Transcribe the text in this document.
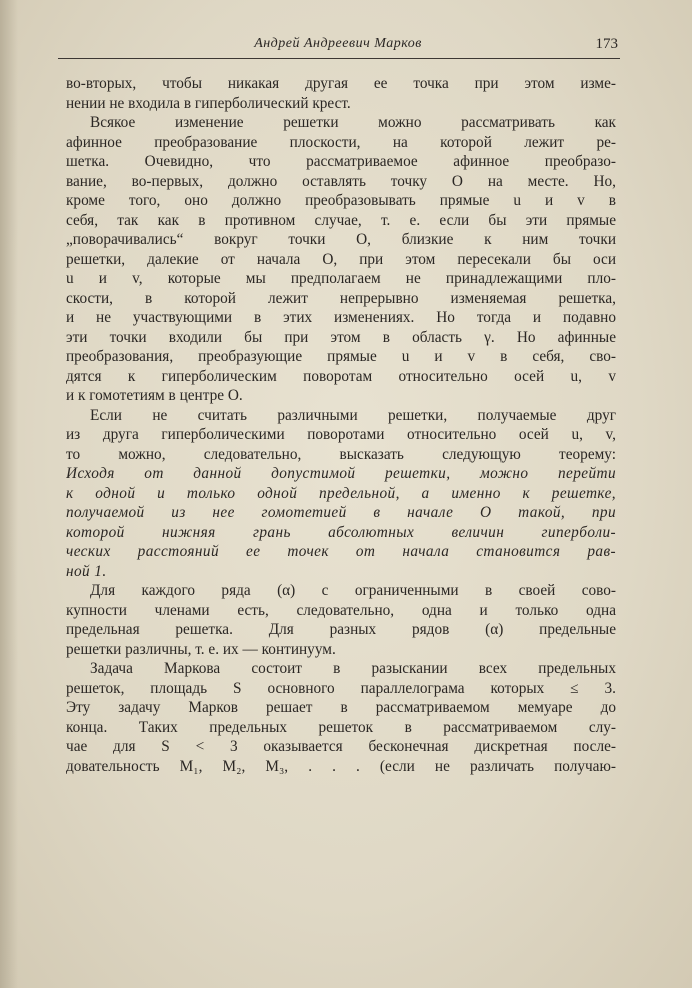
Андрей Андреевич Марков	173
во-вторых, чтобы никакая другая ее точка при этом изме-
нении не входила в гиперболический крест.
Всякое изменение решетки можно рассматривать как
афинное преобразование плоскости, на которой лежит ре-
шетка. Очевидно, что рассматриваемое афинное преобразо-
вание, во-первых, должно оставлять точку O на месте. Но,
кроме того, оно должно преобразовывать прямые u и v в
себя, так как в противном случае, т. е. если бы эти прямые
„поворачивались“ вокруг точки O, близкие к ним точки
решетки, далекие от начала O, при этом пересекали бы оси
u и v, которые мы предполагаем не принадлежащими пло-
скости, в которой лежит непрерывно изменяемая решетка,
и не участвующими в этих изменениях. Но тогда и подавно
эти точки входили бы при этом в область γ. Но афинные
преобразования, преобразующие прямые u и v в себя, сво-
дятся к гиперболическим поворотам относительно осей u, v
и к гомотетиям в центре O.
Если не считать различными решетки, получаемые друг
из друга гиперболическими поворотами относительно осей u, v,
то можно, следовательно, высказать следующую теорему:
Исходя от данной допустимой решетки, можно перейти
к одной и только одной предельной, а именно к решетке,
получаемой из нее гомотетией в начале O такой, при
которой нижняя грань абсолютных величин гипербoли-
ческих расстояний ее точек от начала становится рав-
ной 1.
Для каждого ряда (α) с ограниченными в своей сово-
купности членами есть, следовательно, одна и только одна
предельная решетка. Для разных рядов (α) предельные
решетки различны, т. е. их — континуум.
Задача Маркова состоит в разыскании всех предельных
решеток, площадь S основного параллелограма которых ≤ 3.
Эту задачу Марков решает в рассматриваемом мемуаре до
конца. Таких предельных решеток в рассматриваемом слу-
чае для S < 3 оказывается бесконечная дискретная после-
довательность M₁, M₂, M₃, . . . (если не различать получаю-
